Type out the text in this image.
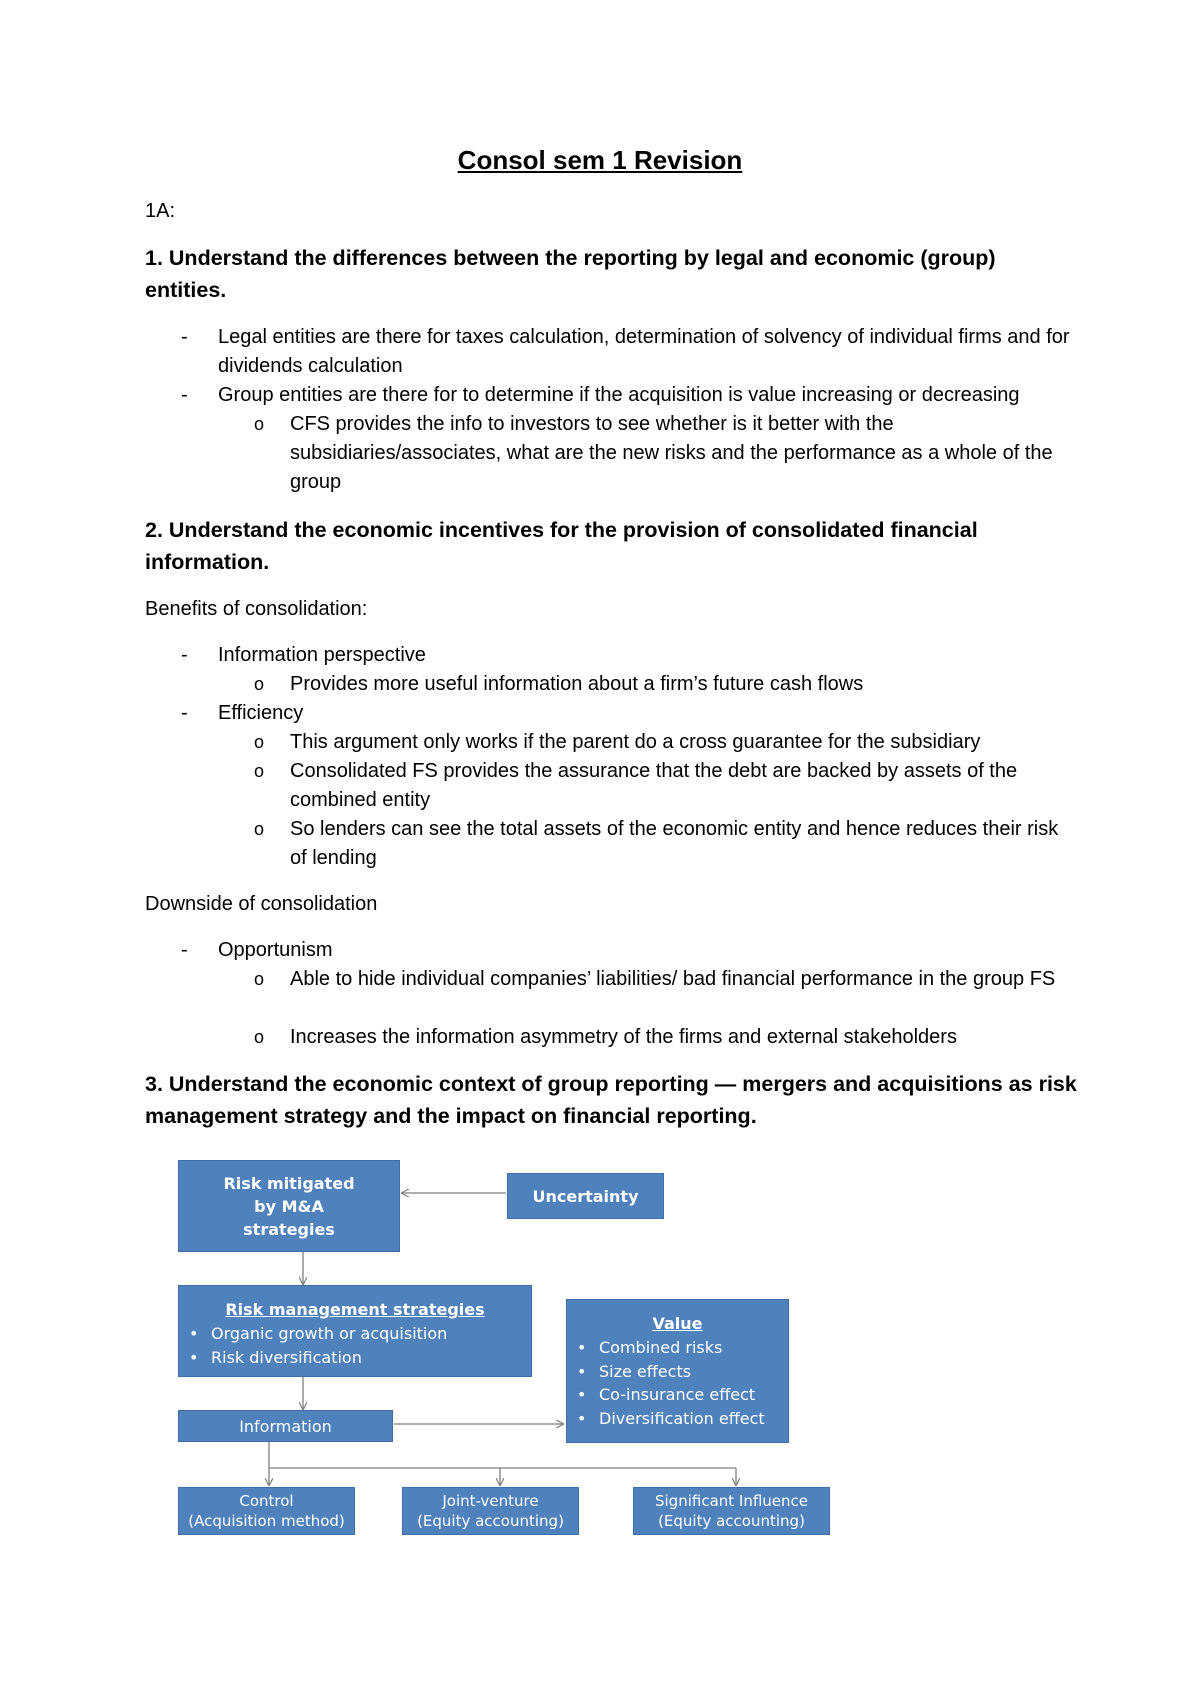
Consol sem 1 Revision
1A:
1. Understand the differences between the reporting by legal and economic (group) entities.
- Legal entities are there for taxes calculation, determination of solvency of individual firms and for dividends calculation
- Group entities are there for to determine if the acquisition is value increasing or decreasing
o CFS provides the info to investors to see whether is it better with the subsidiaries/associates, what are the new risks and the performance as a whole of the group
2. Understand the economic incentives for the provision of consolidated financial information.
Benefits of consolidation:
- Information perspective
o Provides more useful information about a firm’s future cash flows
- Efficiency
o This argument only works if the parent do a cross guarantee for the subsidiary
o Consolidated FS provides the assurance that the debt are backed by assets of the combined entity
o So lenders can see the total assets of the economic entity and hence reduces their risk of lending
Downside of consolidation
- Opportunism
o Able to hide individual companies’ liabilities/ bad financial performance in the group FS
o Increases the information asymmetry of the firms and external stakeholders
3. Understand the economic context of group reporting — mergers and acquisitions as risk management strategy and the impact on financial reporting.
Risk mitigated by M&A strategies
Uncertainty
Risk management strategies
• Organic growth or acquisition
• Risk diversification
Value
• Combined risks
• Size effects
• Co-insurance effect
• Diversification effect
Information
Control
(Acquisition method)
Joint-venture
(Equity accounting)
Significant Influence
(Equity accounting)
